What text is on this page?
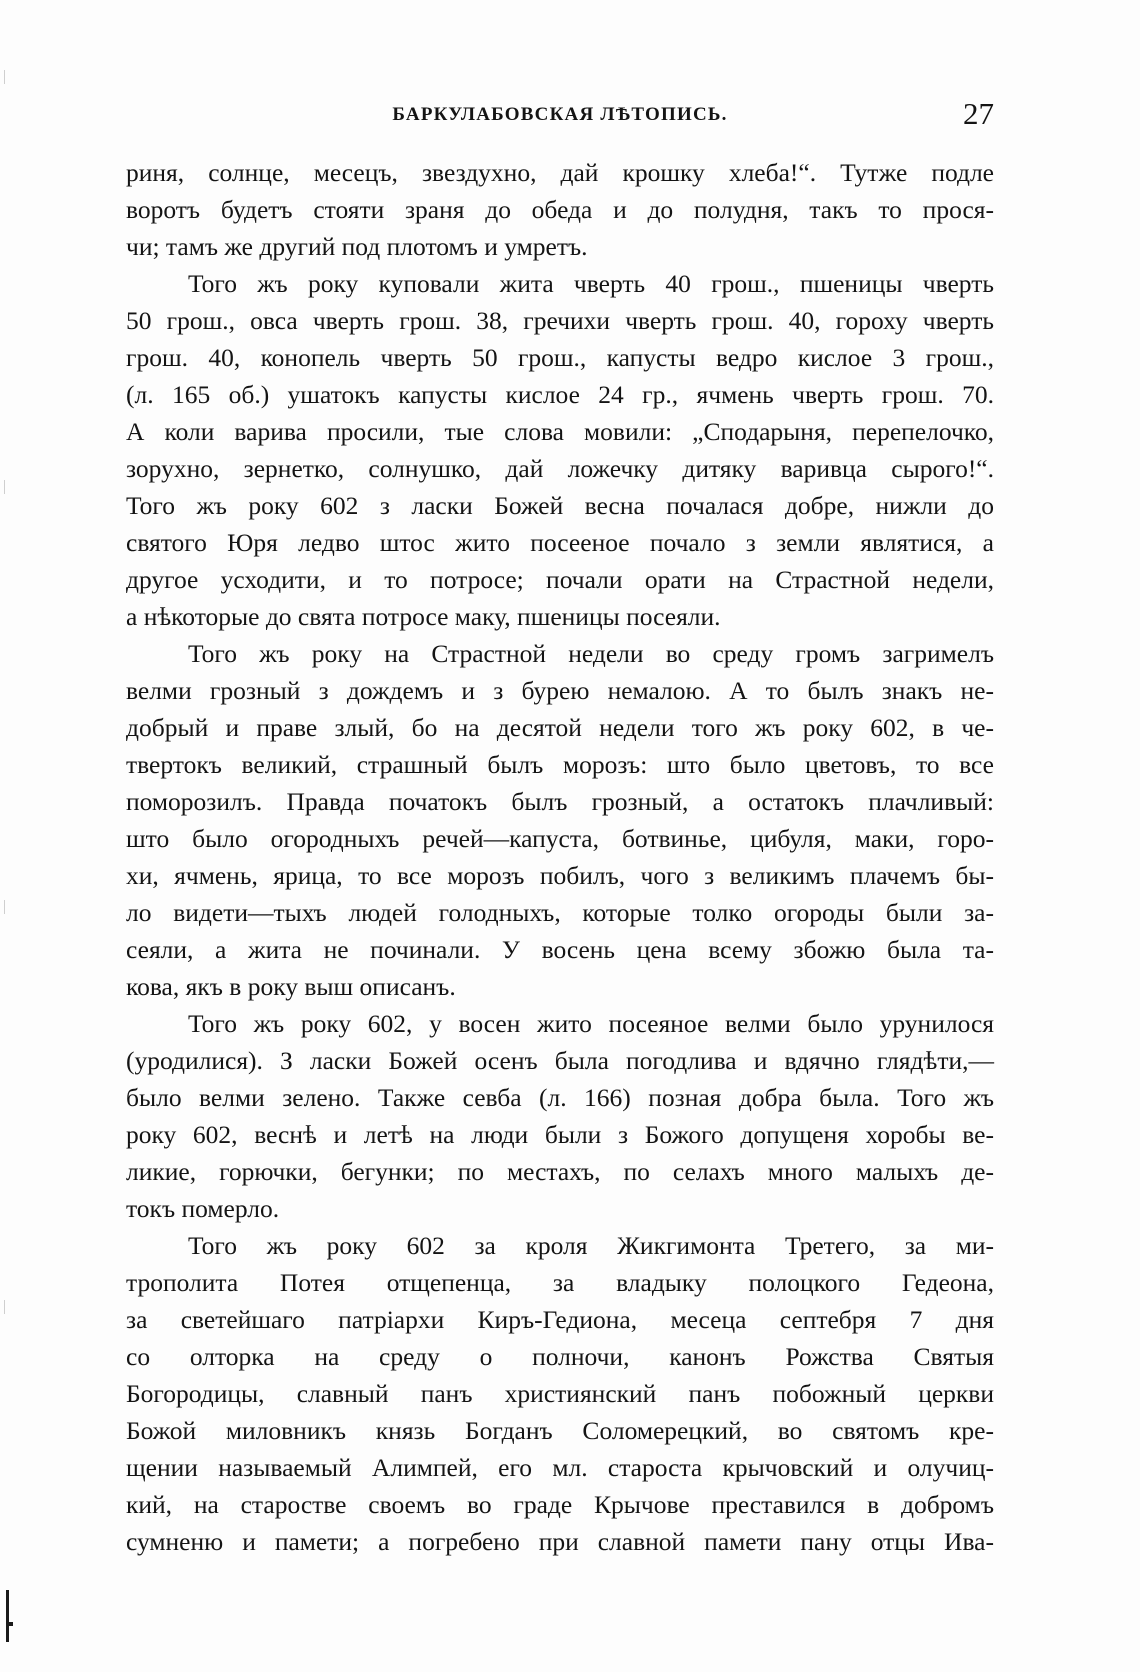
БАРКУЛАБОВСКАЯ ЛѢТОПИСЬ.	27
риня, солнце, месецъ, звездухно, дай крошку хлеба!“. Тутже подле
воротъ будетъ стояти зраня до обеда и до полудня, такъ то прося-
чи; тамъ же другий под плотомъ и умретъ.
Того жъ року куповали жита чверть 40 грош., пшеницы чверть
50 грош., овса чверть грош. 38, гречихи чверть грош. 40, гороху чверть
грош. 40, конопель чверть 50 грош., капусты ведро кислое 3 грош.,
(л. 165 об.) ушатокъ капусты кислое 24 гр., ячмень чверть грош. 70.
А коли варива просили, тые слова мовили: „Сподарыня, перепелочко,
зорухно, зернетко, солнушко, дай ложечку дитяку варивца сырого!“.
Того жъ року 602 з ласки Божей весна почалася добре, нижли до
святого Юря ледво штос жито посееное почало з земли являтися, а
другое усходити, и то потросе; почали орати на Страстной недели,
а нѣкоторые до свята потросе маку, пшеницы посеяли.
Того жъ року на Страстной недели во среду громъ загримелъ
велми грозный з дождемъ и з бурею немалою. А то былъ знакъ не-
добрый и праве злый, бо на десятой недели того жъ року 602, в че-
твертокъ великий, страшный былъ морозъ: што было цветовъ, то все
поморозилъ. Правда початокъ былъ грозный, а остатокъ плачливый:
што было огородныхъ речей—капуста, ботвинье, цибуля, маки, горо-
хи, ячмень, ярица, то все морозъ побилъ, чого з великимъ плачемъ бы-
ло видети—тыхъ людей голодныхъ, которые толко огороды были за-
сеяли, а жита не починали. У восень цена всему збожю была та-
кова, якъ в року выш описанъ.
Того жъ року 602, у восен жито посеяное велми было урунилося
(уродилися). З ласки Божей осенъ была погодлива и вдячно глядѣти,—
было велми зелено. Также севба (л. 166) позная добра была. Того жъ
року 602, веснѣ и летѣ на люди были з Божого допущеня хоробы ве-
ликие, горючки, бегунки; по местахъ, по селахъ много малыхъ де-
токъ померло.
Того жъ року 602 за кроля Жикгимонта Третего, за ми-
трополита Потея отщепенца, за владыку полоцкого Гедеона,
за светейшаго патрiархи Киръ-Гедиона, месеца септебря 7 дня
со олторка на среду о полночи, канонъ Рожства Святыя
Богородицы, славный панъ християнский панъ побожный церкви
Божой миловникъ князь Богданъ Соломерецкий, во святомъ кре-
щении называемый Алимпей, его мл. староста крычовский и олучиц-
кий, на старостве своемъ во граде Крычове преставился в добромъ
сумненю и памети; а погребено при славной памети пану отцы Ива-
